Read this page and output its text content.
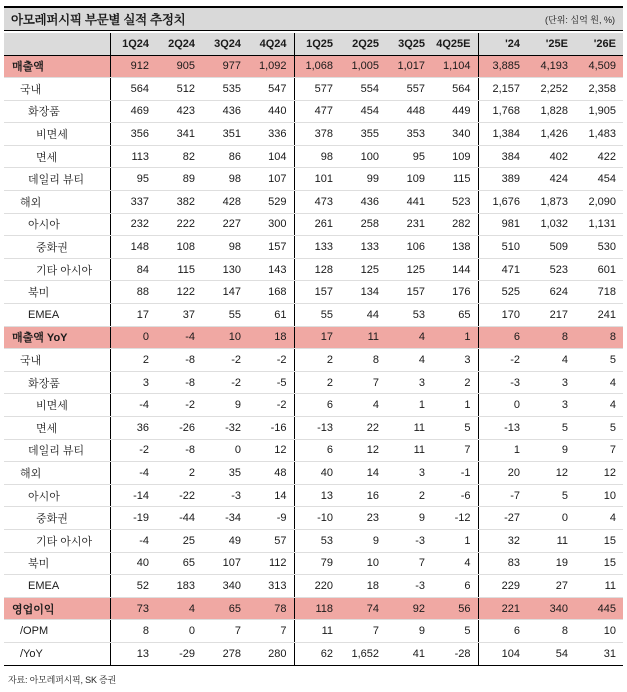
아모레퍼시픽 부문별 실적 추정치	(단위: 십억 원, %)
	1Q24	2Q24	3Q24	4Q24	1Q25	2Q25	3Q25	4Q25E	'24	'25E	'26E
매출액	912	905	977	1,092	1,068	1,005	1,017	1,104	3,885	4,193	4,509
국내	564	512	535	547	577	554	557	564	2,157	2,252	2,358
화장품	469	423	436	440	477	454	448	449	1,768	1,828	1,905
비면세	356	341	351	336	378	355	353	340	1,384	1,426	1,483
면세	113	82	86	104	98	100	95	109	384	402	422
데일리 뷰티	95	89	98	107	101	99	109	115	389	424	454
해외	337	382	428	529	473	436	441	523	1,676	1,873	2,090
아시아	232	222	227	300	261	258	231	282	981	1,032	1,131
중화권	148	108	98	157	133	133	106	138	510	509	530
기타 아시아	84	115	130	143	128	125	125	144	471	523	601
북미	88	122	147	168	157	134	157	176	525	624	718
EMEA	17	37	55	61	55	44	53	65	170	217	241
매출액 YoY	0	-4	10	18	17	11	4	1	6	8	8
국내	2	-8	-2	-2	2	8	4	3	-2	4	5
화장품	3	-8	-2	-5	2	7	3	2	-3	3	4
비면세	-4	-2	9	-2	6	4	1	1	0	3	4
면세	36	-26	-32	-16	-13	22	11	5	-13	5	5
데일리 뷰티	-2	-8	0	12	6	12	11	7	1	9	7
해외	-4	2	35	48	40	14	3	-1	20	12	12
아시아	-14	-22	-3	14	13	16	2	-6	-7	5	10
중화권	-19	-44	-34	-9	-10	23	9	-12	-27	0	4
기타 아시아	-4	25	49	57	53	9	-3	1	32	11	15
북미	40	65	107	112	79	10	7	4	83	19	15
EMEA	52	183	340	313	220	18	-3	6	229	27	11
영업이익	73	4	65	78	118	74	92	56	221	340	445
/OPM	8	0	7	7	11	7	9	5	6	8	10
/YoY	13	-29	278	280	62	1,652	41	-28	104	54	31
자료: 아모레퍼시픽, SK 증권
